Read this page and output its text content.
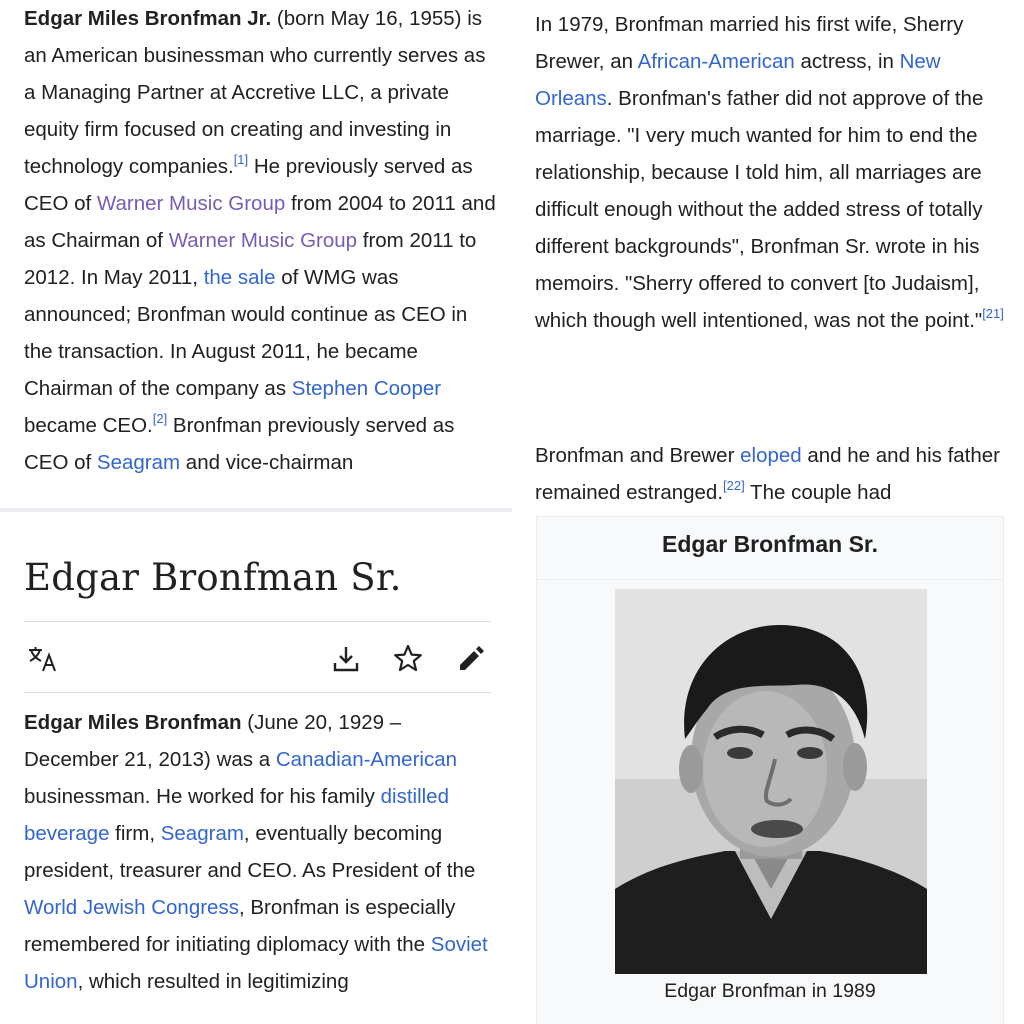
Edgar Miles Bronfman Jr. (born May 16, 1955) is an American businessman who currently serves as a Managing Partner at Accretive LLC, a private equity firm focused on creating and investing in technology companies.[1] He previously served as CEO of Warner Music Group from 2004 to 2011 and as Chairman of Warner Music Group from 2011 to 2012. In May 2011, the sale of WMG was announced; Bronfman would continue as CEO in the transaction. In August 2011, he became Chairman of the company as Stephen Cooper became CEO.[2] Bronfman previously served as CEO of Seagram and vice-chairman

In 1979, Bronfman married his first wife, Sherry Brewer, an African-American actress, in New Orleans. Bronfman's father did not approve of the marriage. "I very much wanted for him to end the relationship, because I told him, all marriages are difficult enough without the added stress of totally different backgrounds", Bronfman Sr. wrote in his memoirs. "Sherry offered to convert [to Judaism], which though well intentioned, was not the point."[21]

Bronfman and Brewer eloped and he and his father remained estranged.[22] The couple had

Edgar Bronfman Sr.

Edgar Miles Bronfman (June 20, 1929 – December 21, 2013) was a Canadian-American businessman. He worked for his family distilled beverage firm, Seagram, eventually becoming president, treasurer and CEO. As President of the World Jewish Congress, Bronfman is especially remembered for initiating diplomacy with the Soviet Union, which resulted in legitimizing

Edgar Bronfman Sr.
Edgar Bronfman in 1989
